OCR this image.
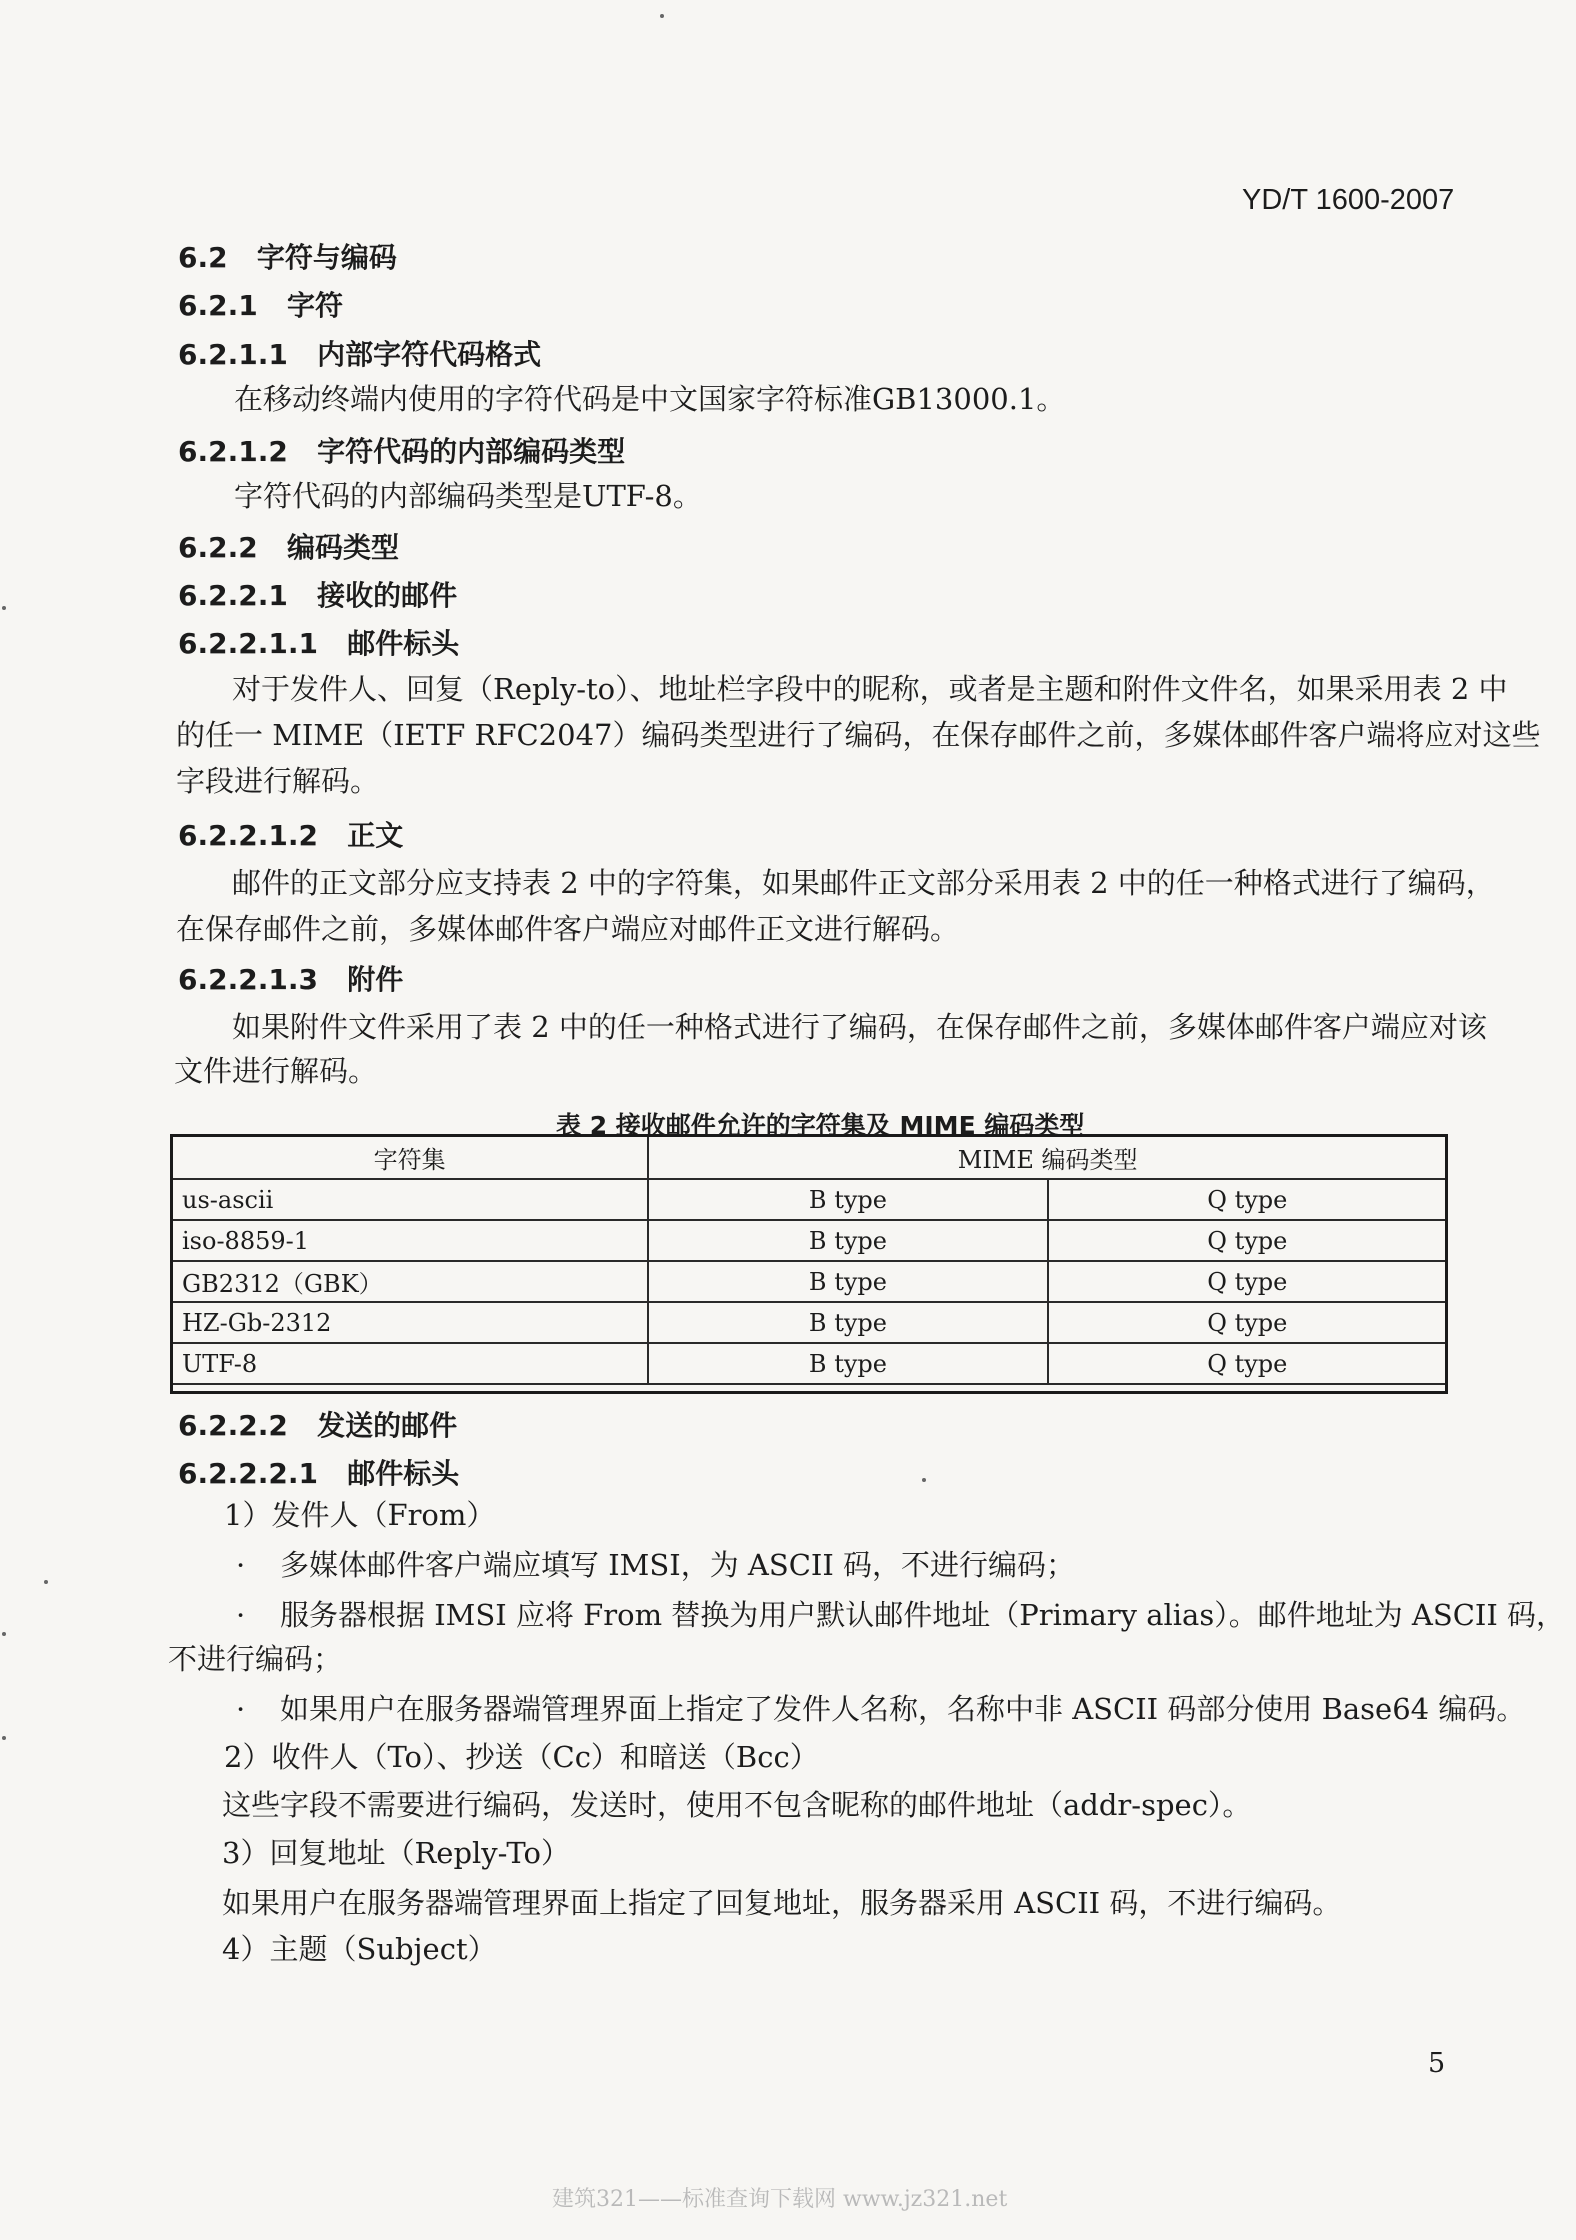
YD/T 1600-2007
6.2 字符与编码
6.2.1 字符
6.2.1.1 内部字符代码格式
在移动终端内使用的字符代码是中文国家字符标准GB13000.1。
6.2.1.2 字符代码的内部编码类型
字符代码的内部编码类型是UTF-8。
6.2.2 编码类型
6.2.2.1 接收的邮件
6.2.2.1.1 邮件标头
对于发件人、回复（Reply-to）、地址栏字段中的昵称，或者是主题和附件文件名，如果采用表 2 中
的任一 MIME（IETF RFC2047）编码类型进行了编码，在保存邮件之前，多媒体邮件客户端将应对这些
字段进行解码。
6.2.2.1.2 正文
邮件的正文部分应支持表 2 中的字符集，如果邮件正文部分采用表 2 中的任一种格式进行了编码，
在保存邮件之前，多媒体邮件客户端应对邮件正文进行解码。
6.2.2.1.3 附件
如果附件文件采用了表 2 中的任一种格式进行了编码，在保存邮件之前，多媒体邮件客户端应对该
文件进行解码。
表 2 接收邮件允许的字符集及 MIME 编码类型
字符集	MIME 编码类型	
us-ascii	B type	Q type
iso-8859-1	B type	Q type
GB2312（GBK）	B type	Q type
HZ-Gb-2312	B type	Q type
UTF-8	B type	Q type
6.2.2.2 发送的邮件
6.2.2.2.1 邮件标头
1）发件人（From）
· 多媒体邮件客户端应填写 IMSI，为 ASCII 码，不进行编码；
· 服务器根据 IMSI 应将 From 替换为用户默认邮件地址（Primary alias）。邮件地址为 ASCII 码，
不进行编码；
· 如果用户在服务器端管理界面上指定了发件人名称，名称中非 ASCII 码部分使用 Base64 编码。
2）收件人（To）、抄送（Cc）和暗送（Bcc）
这些字段不需要进行编码，发送时，使用不包含昵称的邮件地址（addr-spec）。
3）回复地址（Reply-To）
如果用户在服务器端管理界面上指定了回复地址，服务器采用 ASCII 码，不进行编码。
4）主题（Subject）
5
建筑321——标准查询下载网 www.jz321.net
